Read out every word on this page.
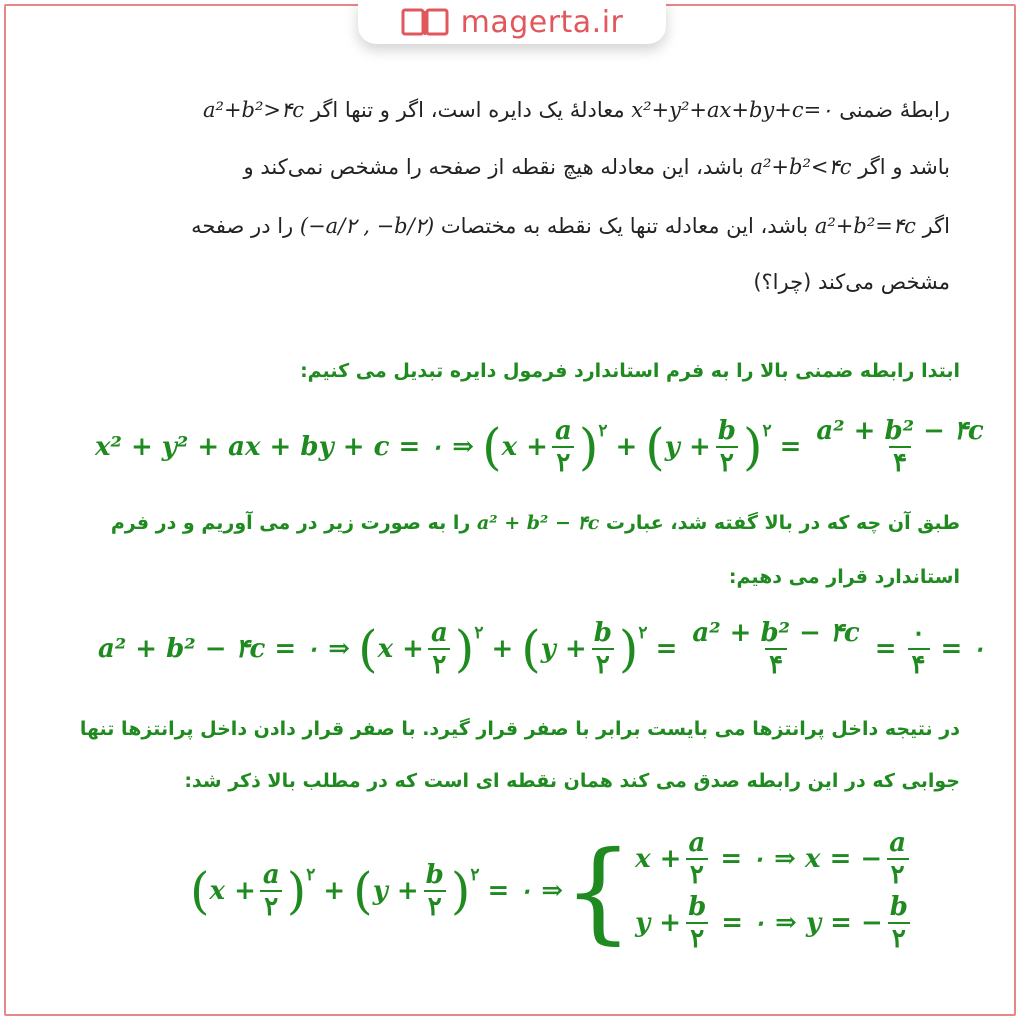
magerta.ir
رابطهٔ ضمنی x²+y²+ax+by+c=۰ معادلهٔ یک دایره است، اگر و تنها اگر a²+b²>۴c
باشد و اگر a²+b²<۴c باشد، این معادله هیچ نقطه از صفحه را مشخص نمی‌کند و
اگر a²+b²=۴c باشد، این معادله تنها یک نقطه به مختصات (−a/۲ , −b/۲) را در صفحه
مشخص می‌کند (چرا؟)
ابتدا رابطه ضمنی بالا را به فرم استاندارد فرمول دایره تبدیل می کنیم:
x² + y² + ax + by + c = ۰ ⇒ ( $x + \frac{a}{۲}$ ) ۲
+ ( $y + \frac{b}{۲}$ ) ۲
= $\frac{\text{a² + b² − ۴c}}{۴}$
طبق آن چه که در بالا گفته شد، عبارت a² + b² − ۴c را به صورت زیر در می آوریم و در فرم
استاندارد قرار می دهیم:
a² + b² − ۴c = ۰ ⇒ ( $x + \frac{a}{۲}$ ) ۲
+ ( $y + \frac{b}{۲}$ ) ۲
= $\frac{\text{a² + b² − ۴c}}{۴} = \frac{۰}{۴}$ = ۰
در نتیجه داخل پرانتزها می بایست برابر با صفر قرار گیرد. با صفر قرار دادن داخل پرانتزها تنها
جوابی که در این رابطه صدق می کند همان نقطه ای است که در مطلب بالا ذکر شد:
( $x + \frac{a}{۲}$ ) ۲
+ ( $y + \frac{b}{۲}$ ) ۲
= ۰ ⇒ { $x + \frac{a}{۲}$ = ۰ ⇒ x = − $\frac{a}{۲}$
$y + \frac{b}{۲}$ = ۰ ⇒ y = − $\frac{b}{۲}$
